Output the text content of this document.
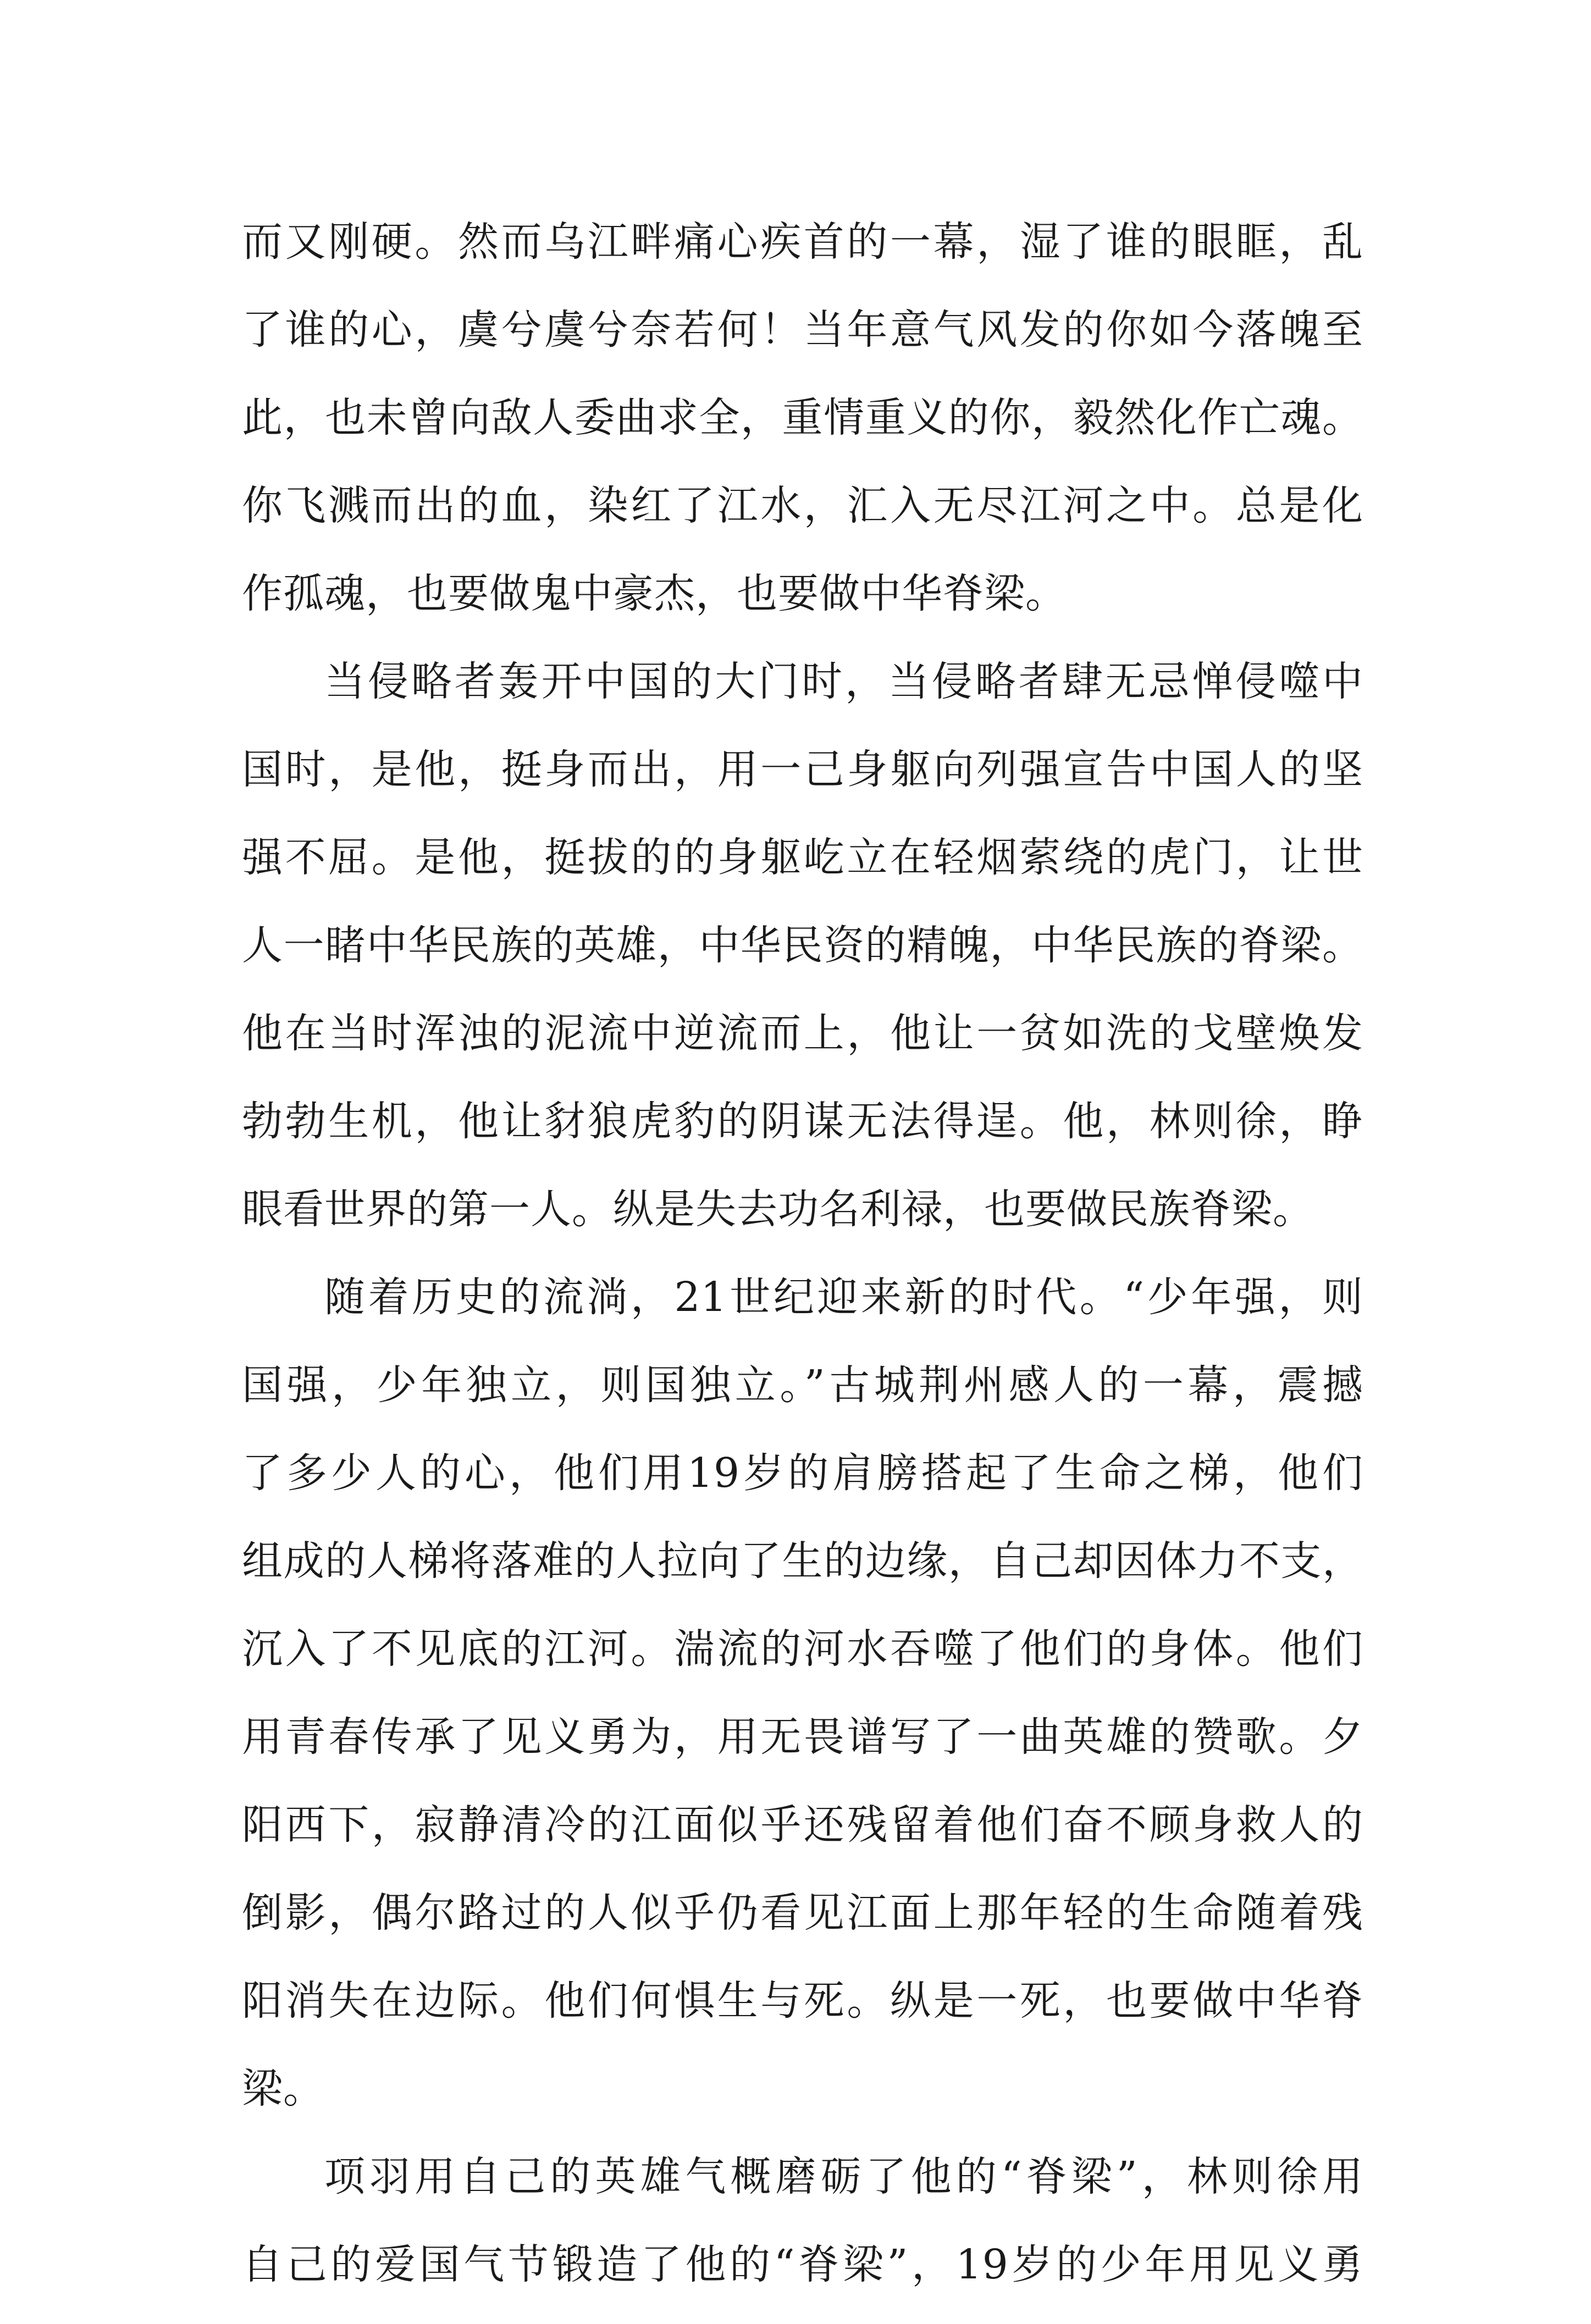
而又刚硬。然而乌江畔痛心疾首的一幕，湿了谁的眼眶，乱
了谁的心，虞兮虞兮奈若何！当年意气风发的你如今落魄至
此，也未曾向敌人委曲求全，重情重义的你，毅然化作亡魂。
你飞溅而出的血，染红了江水，汇入无尽江河之中。总是化
作孤魂，也要做鬼中豪杰，也要做中华脊梁。
当侵略者轰开中国的大门时，当侵略者肆无忌惮侵噬中
国时，是他，挺身而出，用一己身躯向列强宣告中国人的坚
强不屈。是他，挺拔的的身躯屹立在轻烟萦绕的虎门，让世
人一睹中华民族的英雄，中华民资的精魄，中华民族的脊梁。
他在当时浑浊的泥流中逆流而上，他让一贫如洗的戈壁焕发
勃勃生机，他让豺狼虎豹的阴谋无法得逞。他，林则徐，睁
眼看世界的第一人。纵是失去功名利禄，也要做民族脊梁。
随着历史的流淌，21世纪迎来新的时代。“少年强，则
国强，少年独立，则国独立。”古城荆州感人的一幕，震撼
了多少人的心，他们用19岁的肩膀搭起了生命之梯，他们
组成的人梯将落难的人拉向了生的边缘，自己却因体力不支，
沉入了不见底的江河。湍流的河水吞噬了他们的身体。他们
用青春传承了见义勇为，用无畏谱写了一曲英雄的赞歌。夕
阳西下，寂静清冷的江面似乎还残留着他们奋不顾身救人的
倒影，偶尔路过的人似乎仍看见江面上那年轻的生命随着残
阳消失在边际。他们何惧生与死。纵是一死，也要做中华脊
梁。
项羽用自己的英雄气概磨砺了他的“脊梁”，林则徐用
自己的爱国气节锻造了他的“脊梁”，19岁的少年用见义勇
